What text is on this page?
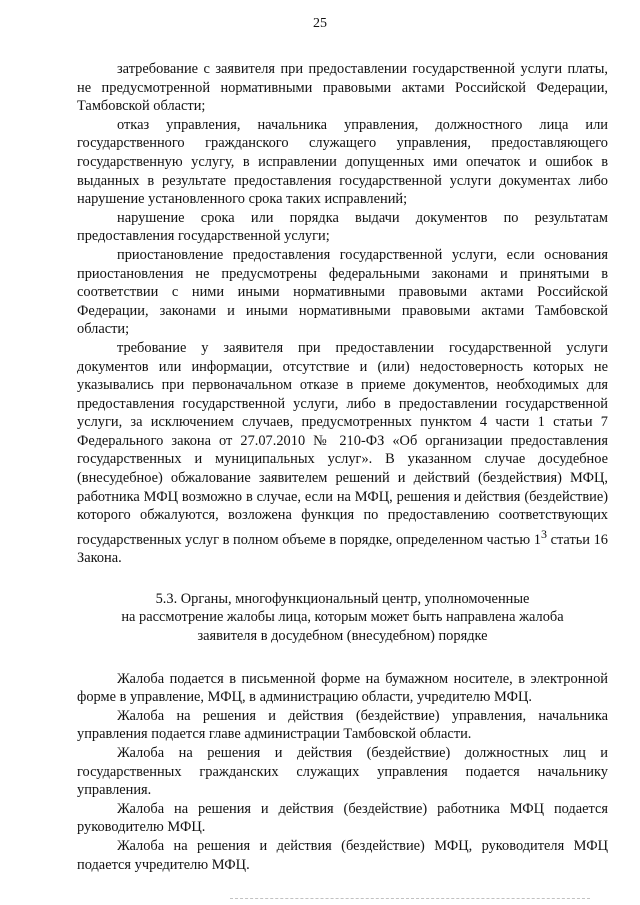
25

затребование с заявителя при предоставлении государственной услуги платы, не предусмотренной нормативными правовыми актами Российской Федерации, Тамбовской области;

отказ управления, начальника управления, должностного лица или государственного гражданского служащего управления, предоставляющего государственную услугу, в исправлении допущенных ими опечаток и ошибок в выданных в результате предоставления государственной услуги документах либо нарушение установленного срока таких исправлений;

нарушение срока или порядка выдачи документов по результатам предоставления государственной услуги;

приостановление предоставления государственной услуги, если основания приостановления не предусмотрены федеральными законами и принятыми в соответствии с ними иными нормативными правовыми актами Российской Федерации, законами и иными нормативными правовыми актами Тамбовской области;

требование у заявителя при предоставлении государственной услуги документов или информации, отсутствие и (или) недостоверность которых не указывались при первоначальном отказе в приеме документов, необходимых для предоставления государственной услуги, либо в предоставлении государственной услуги, за исключением случаев, предусмотренных пунктом 4 части 1 статьи 7 Федерального закона от 27.07.2010 № 210-ФЗ «Об организации предоставления государственных и муниципальных услуг». В указанном случае досудебное (внесудебное) обжалование заявителем решений и действий (бездействия) МФЦ, работника МФЦ возможно в случае, если на МФЦ, решения и действия (бездействие) которого обжалуются, возложена функция по предоставлению соответствующих государственных услуг в полном объеме в порядке, определенном частью $1^3$ статьи 16 Закона.

5.3. Органы, многофункциональный центр, уполномоченные
на рассмотрение жалобы лица, которым может быть направлена жалоба
заявителя в досудебном (внесудебном) порядке

Жалоба подается в письменной форме на бумажном носителе, в электронной форме в управление, МФЦ, в администрацию области, учредителю МФЦ.

Жалоба на решения и действия (бездействие) управления, начальника управления подается главе администрации Тамбовской области.

Жалоба на решения и действия (бездействие) должностных лиц и государственных гражданских служащих управления подается начальнику управления.

Жалоба на решения и действия (бездействие) работника МФЦ подается руководителю МФЦ.

Жалоба на решения и действия (бездействие) МФЦ, руководителя МФЦ подается учредителю МФЦ.
